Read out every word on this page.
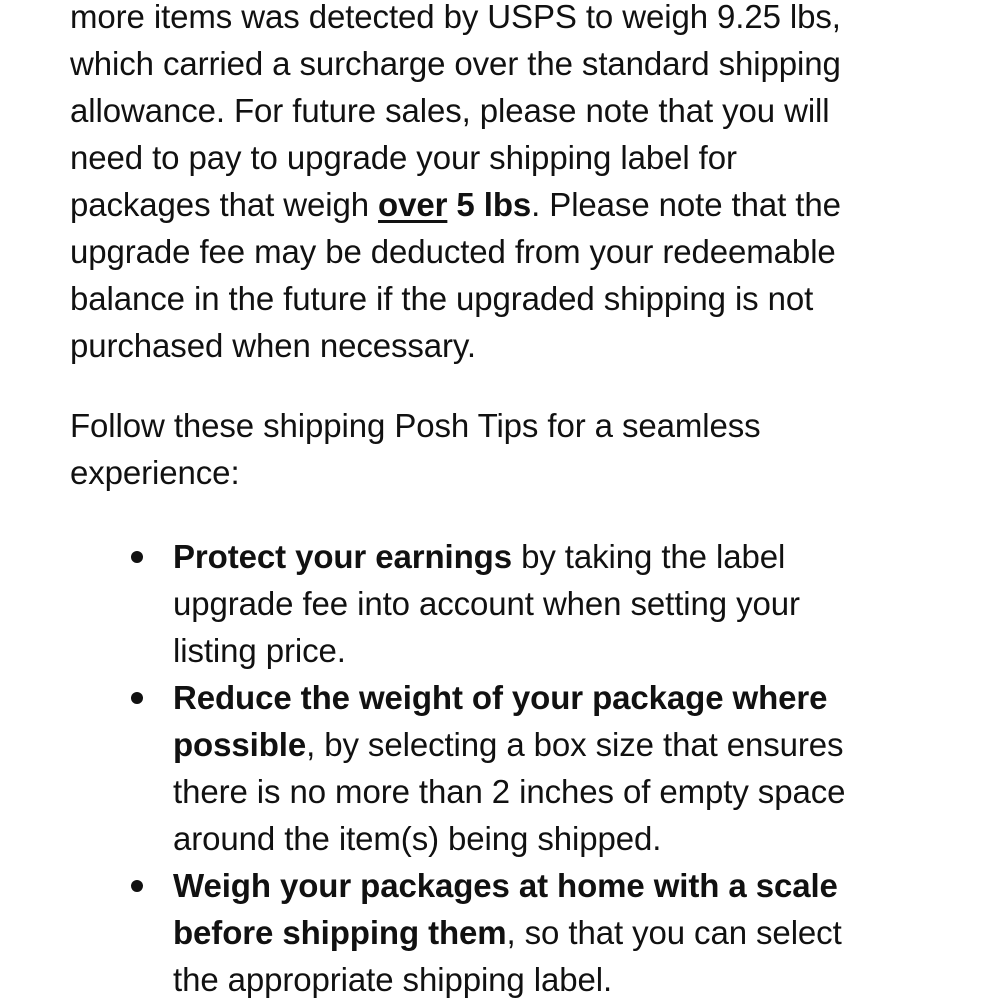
more items was detected by USPS to weigh 9.25 lbs,
which carried a surcharge over the standard shipping
allowance. For future sales, please note that you will
need to pay to upgrade your shipping label for
packages that weigh over 5 lbs. Please note that the
upgrade fee may be deducted from your redeemable
balance in the future if the upgraded shipping is not
purchased when necessary.

Follow these shipping Posh Tips for a seamless
experience:

Protect your earnings by taking the label
upgrade fee into account when setting your
listing price.
Reduce the weight of your package where
possible, by selecting a box size that ensures
there is no more than 2 inches of empty space
around the item(s) being shipped.
Weigh your packages at home with a scale
before shipping them, so that you can select
the appropriate shipping label.
